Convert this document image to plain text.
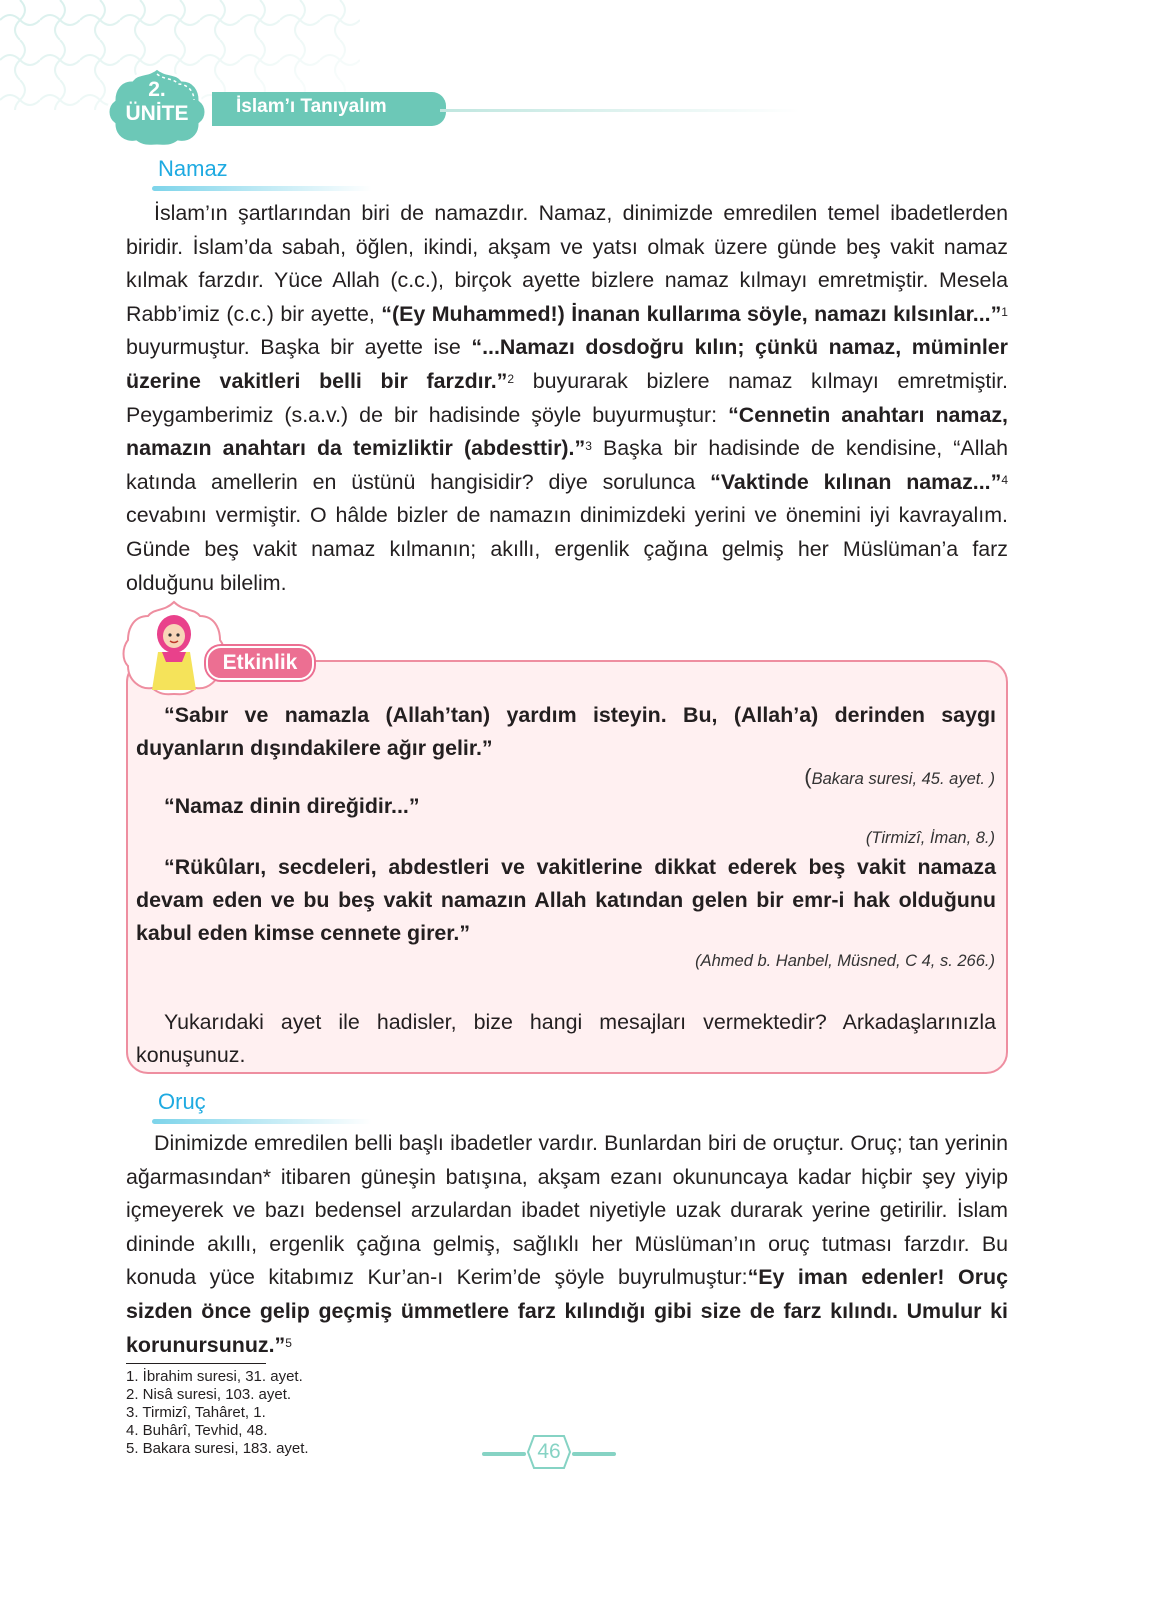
2.
ÜNİTE	İslam’ı Tanıyalım
Namaz

İslam’ın şartlarından biri de namazdır. Namaz, dinimizde emredilen temel ibadetlerden biridir. İslam’da sabah, öğlen, ikindi, akşam ve yatsı olmak üzere günde beş vakit namaz kılmak farzdır. Yüce Allah (c.c.), birçok ayette bizlere namaz kılmayı emretmiştir. Mesela Rabb’imiz (c.c.) bir ayette, “(Ey Muhammed!) İnanan kullarıma söyle, namazı kılsınlar...”$^1$ buyurmuştur. Başka bir ayette ise “...Namazı dosdoğru kılın; çünkü namaz, müminler üzerine vakitleri belli bir farzdır.”$^2$ buyurarak bizlere namaz kılmayı emretmiştir. Peygamberimiz (s.a.v.) de bir hadisinde şöyle buyurmuştur: “Cennetin anahtarı namaz, namazın anahtarı da temizliktir (abdesttir).”$^3$ Başka bir hadisinde de kendisine, “Allah katında amellerin en üstünü hangisidir? diye sorulunca “Vaktinde kılınan namaz...”$^4$ cevabını vermiştir. O hâlde bizler de namazın dinimizdeki yerini ve önemini iyi kavrayalım. Günde beş vakit namaz kılmanın; akıllı, ergenlik çağına gelmiş her Müslüman’a farz olduğunu bilelim.

Etkinlik

“Sabır ve namazla (Allah’tan) yardım isteyin. Bu, (Allah’a) derinden saygı duyanların dışındakilere ağır gelir.”

(Bakara suresi, 45. ayet. )

“Namaz dinin direğidir...”

(Tirmizî, İman, 8.)

“Rükûları, secdeleri, abdestleri ve vakitlerine dikkat ederek beş vakit namaza devam eden ve bu beş vakit namazın Allah katından gelen bir emr-i hak olduğunu kabul eden kimse cennete girer.”

(Ahmed b. Hanbel, Müsned, C 4, s. 266.)

Yukarıdaki ayet ile hadisler, bize hangi mesajları vermektedir? Arkadaşlarınızla konuşunuz.

Oruç

Dinimizde emredilen belli başlı ibadetler vardır. Bunlardan biri de oruçtur. Oruç; tan yerinin ağarmasından* itibaren güneşin batışına, akşam ezanı okununcaya kadar hiçbir şey yiyip içmeyerek ve bazı bedensel arzulardan ibadet niyetiyle uzak durarak yerine getirilir. İslam dininde akıllı, ergenlik çağına gelmiş, sağlıklı her Müslüman’ın oruç tutması farzdır. Bu konuda yüce kitabımız Kur’an-ı Kerim’de şöyle buyrulmuştur:“Ey iman edenler! Oruç sizden önce gelip geçmiş ümmetlere farz kılındığı gibi size de farz kılındı. Umulur ki korunursunuz.”$^5$

1. İbrahim suresi, 31. ayet.
2. Nisâ suresi, 103. ayet.
3. Tirmizî, Tahâret, 1.
4. Buhârî, Tevhid, 48.
5. Bakara suresi, 183. ayet.	46
